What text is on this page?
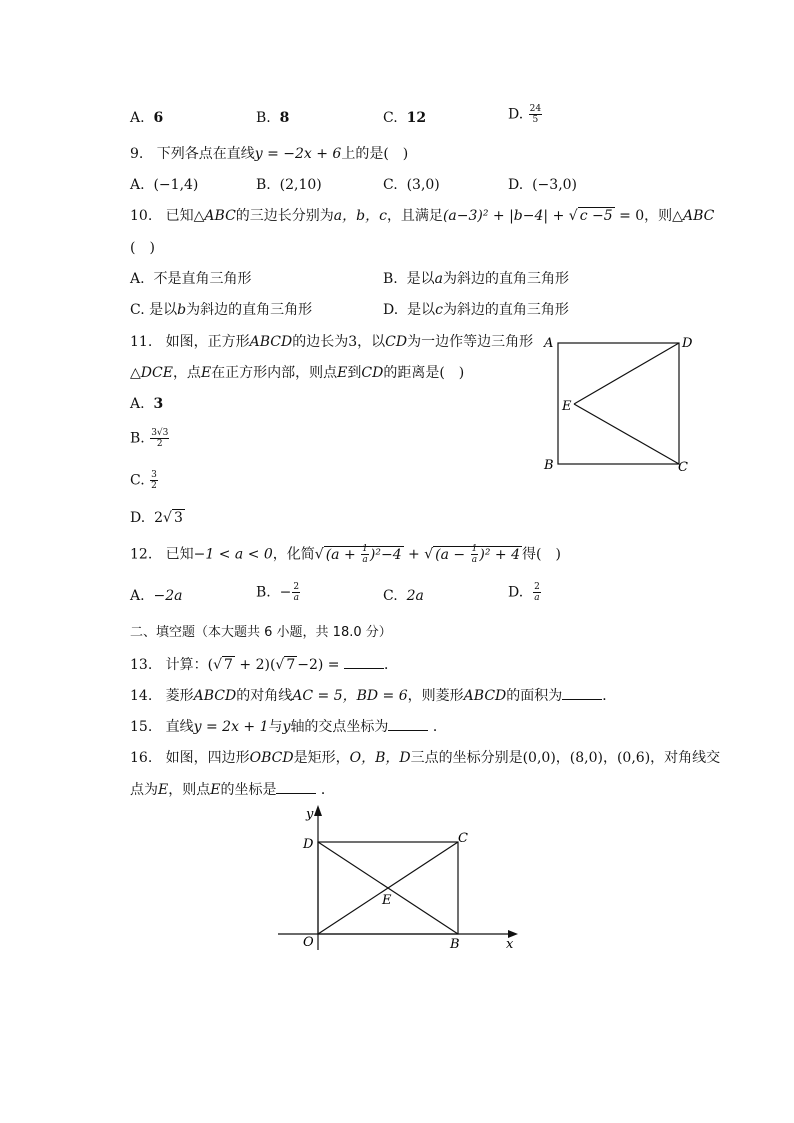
A. 6	B. 8	C. 12	D. $\frac{24}{5}$
9. 下列各点在直线y = −2x + 6上的是(　)
A. (−1,4)	B. (2,10)	C. (3,0)	D. (−3,0)
10. 已知△ABC的三边长分别为a，b，c，且满足(a−3)² + |b−4| + √ c −5 = 0，则△ABC
(　)
A. 不是直角三角形	B. 是以a为斜边的直角三角形
C. 是以b为斜边的直角三角形	D. 是以c为斜边的直角三角形
11. 如图，正方形ABCD的边长为3，以CD为一边作等边三角形
△DCE，点E在正方形内部，则点E到CD的距离是(　)
A. 3
B. $\frac{3√3}{2}$
C. $\frac{3}{2}$
D. 2√ 3
A	D
E
B	C
12. 已知−1 < a < 0，化简√ $(a + \frac{1}{a} )^2-4$ + √ $(a - \frac{1}{a} )^2 + 4$ 得(　)
A. −2a	B. − $\frac{2}{a}$	C. 2a	D. $\frac{2}{a}$
二、填空题（本大题共 6 小题，共 18.0 分）
13. 计算：(√ 7 + 2)(√ 7 −2) =	．
14. 菱形ABCD的对角线AC = 5，BD = 6，则菱形ABCD的面积为	．
15. 直线y = 2x + 1与y轴的交点坐标为	．
16. 如图，四边形OBCD是矩形，O，B，D三点的坐标分别是(0,0)，(8,0)，(0,6)，对角线交
点为E，则点E的坐标是	．
y
D	C
E
O	B	x
